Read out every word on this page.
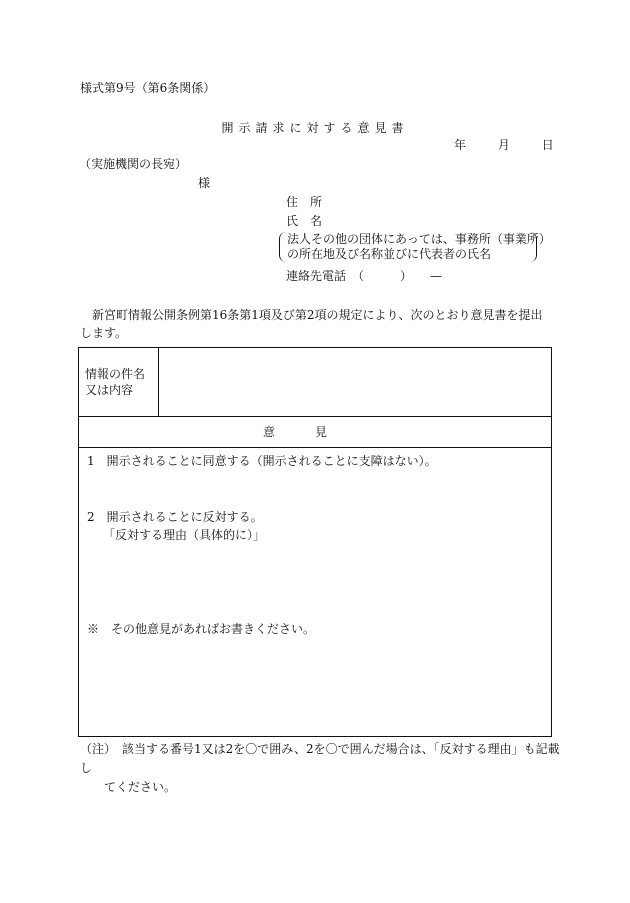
様式第9号（第6条関係）
開示請求に対する意見書
年	月	日
（実施機関の長宛）
様
住　所
氏　名
法人その他の団体にあっては、事務所（事業所）
の所在地及び名称並びに代表者の氏名
連絡先電話　（　　　）　　—
新宮町情報公開条例第16条第1項及び第2項の規定により、次のとおり意見書を提出します。
情報の件名又は内容	
意見

1　開示されることに同意する（開示されることに支障はない）。
2　開示されることに反対する。
「反対する理由（具体的に）」
※　その他意見があればお書きください。
（注）　該当する番号1又は2を〇で囲み、2を〇で囲んだ場合は、「反対する理由」も記載し
てください。
